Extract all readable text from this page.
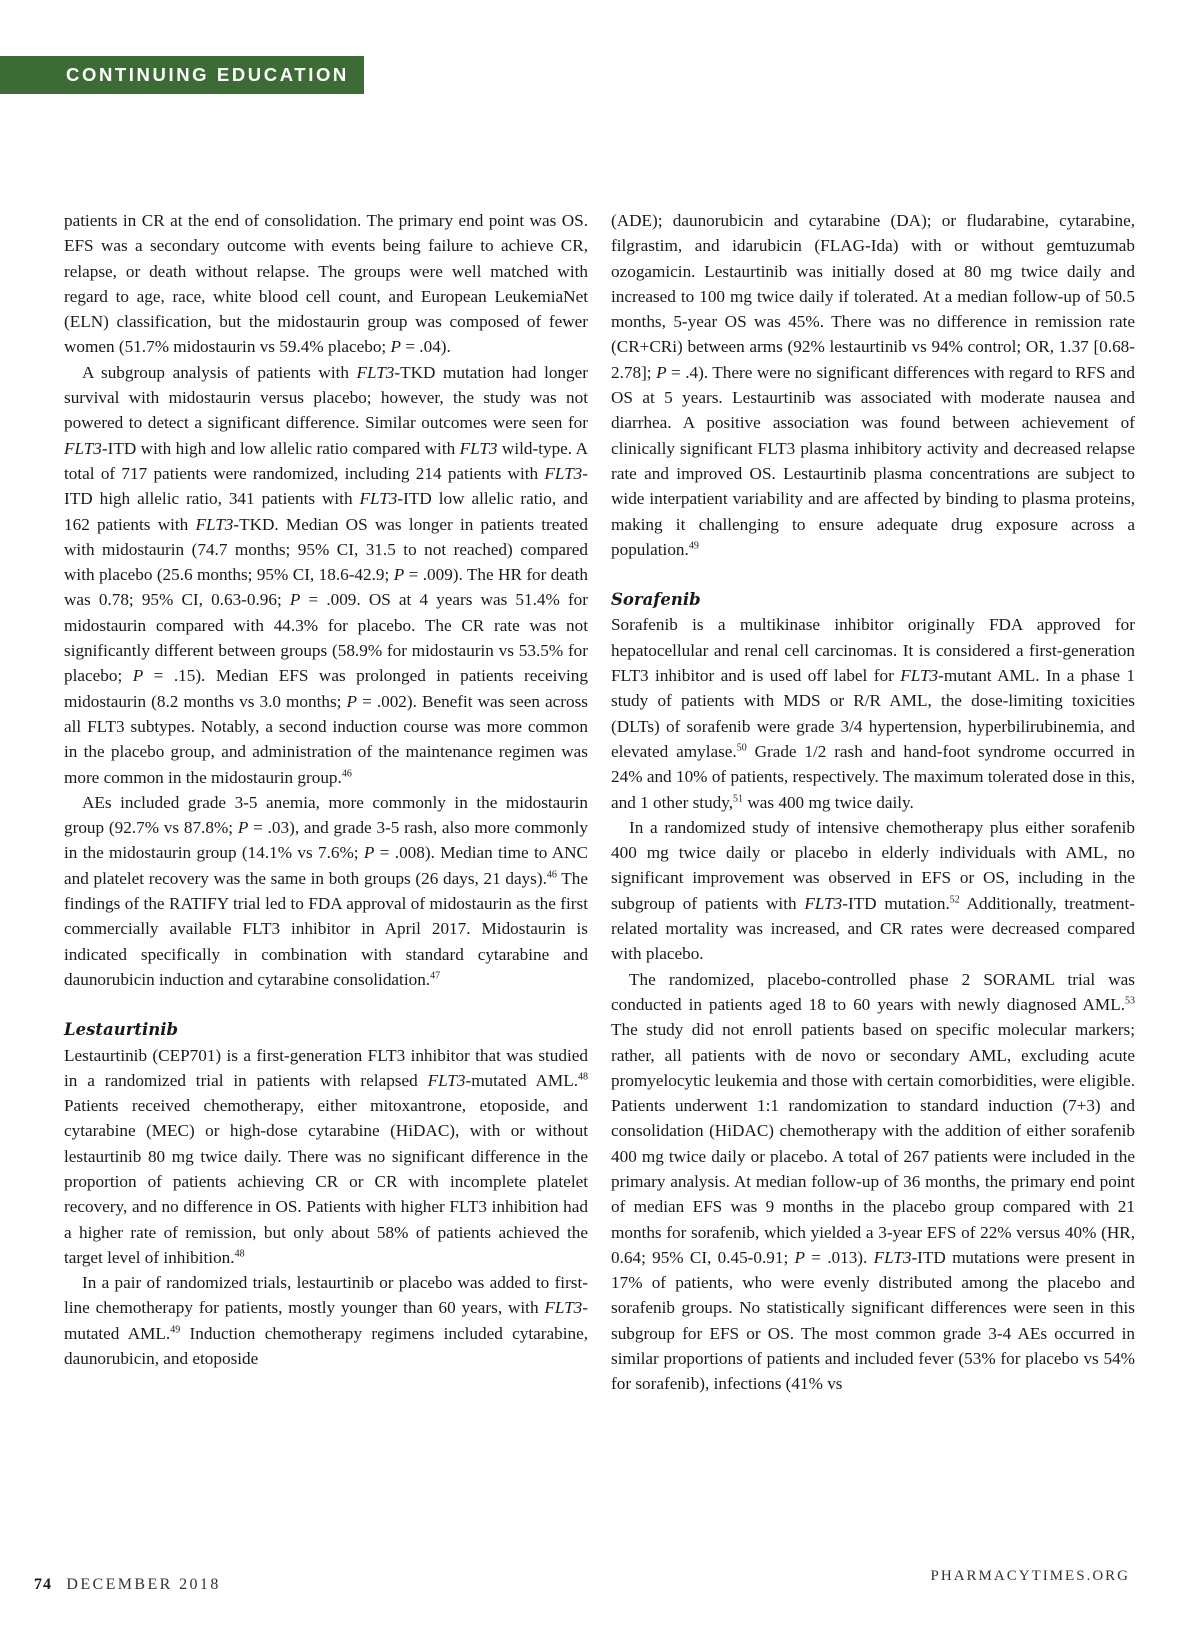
CONTINUING EDUCATION

patients in CR at the end of consolidation. The primary end point was OS. EFS was a secondary outcome with events being failure to achieve CR, relapse, or death without relapse. The groups were well matched with regard to age, race, white blood cell count, and European LeukemiaNet (ELN) classification, but the midostaurin group was composed of fewer women (51.7% midostaurin vs 59.4% placebo; P = .04).

A subgroup analysis of patients with FLT3-TKD mutation had longer survival with midostaurin versus placebo; however, the study was not powered to detect a significant difference. Similar outcomes were seen for FLT3-ITD with high and low allelic ratio compared with FLT3 wild-type. A total of 717 patients were randomized, including 214 patients with FLT3-ITD high allelic ratio, 341 patients with FLT3-ITD low allelic ratio, and 162 patients with FLT3-TKD. Median OS was longer in patients treated with midostaurin (74.7 months; 95% CI, 31.5 to not reached) compared with placebo (25.6 months; 95% CI, 18.6-42.9; P = .009). The HR for death was 0.78; 95% CI, 0.63-0.96; P = .009. OS at 4 years was 51.4% for midostaurin compared with 44.3% for placebo. The CR rate was not significantly different between groups (58.9% for midostaurin vs 53.5% for placebo; P = .15). Median EFS was prolonged in patients receiving midostaurin (8.2 months vs 3.0 months; P = .002). Benefit was seen across all FLT3 subtypes. Notably, a second induction course was more common in the placebo group, and administration of the maintenance regimen was more common in the midostaurin group.$^{46}$

AEs included grade 3-5 anemia, more commonly in the midostaurin group (92.7% vs 87.8%; P = .03), and grade 3-5 rash, also more commonly in the midostaurin group (14.1% vs 7.6%; P = .008). Median time to ANC and platelet recovery was the same in both groups (26 days, 21 days).$^{46}$ The findings of the RATIFY trial led to FDA approval of midostaurin as the first commercially available FLT3 inhibitor in April 2017. Midostaurin is indicated specifically in combination with standard cytarabine and daunorubicin induction and cytarabine consolidation.$^{47}$

Lestaurtinib

Lestaurtinib (CEP701) is a first-generation FLT3 inhibitor that was studied in a randomized trial in patients with relapsed FLT3-mutated AML.$^{48}$ Patients received chemotherapy, either mitoxantrone, etoposide, and cytarabine (MEC) or high-dose cytarabine (HiDAC), with or without lestaurtinib 80 mg twice daily. There was no significant difference in the proportion of patients achieving CR or CR with incomplete platelet recovery, and no difference in OS. Patients with higher FLT3 inhibition had a higher rate of remission, but only about 58% of patients achieved the target level of inhibition.$^{48}$

In a pair of randomized trials, lestaurtinib or placebo was added to first-line chemotherapy for patients, mostly younger than 60 years, with FLT3-mutated AML.$^{49}$ Induction chemotherapy regimens included cytarabine, daunorubicin, and etoposide

(ADE); daunorubicin and cytarabine (DA); or fludarabine, cytarabine, filgrastim, and idarubicin (FLAG-Ida) with or without gemtuzumab ozogamicin. Lestaurtinib was initially dosed at 80 mg twice daily and increased to 100 mg twice daily if tolerated. At a median follow-up of 50.5 months, 5-year OS was 45%. There was no difference in remission rate (CR+CRi) between arms (92% lestaurtinib vs 94% control; OR, 1.37 [0.68-2.78]; P = .4). There were no significant differences with regard to RFS and OS at 5 years. Lestaurtinib was associated with moderate nausea and diarrhea. A positive association was found between achievement of clinically significant FLT3 plasma inhibitory activity and decreased relapse rate and improved OS. Lestaurtinib plasma concentrations are subject to wide interpatient variability and are affected by binding to plasma proteins, making it challenging to ensure adequate drug exposure across a population.$^{49}$

Sorafenib

Sorafenib is a multikinase inhibitor originally FDA approved for hepatocellular and renal cell carcinomas. It is considered a first-generation FLT3 inhibitor and is used off label for FLT3-mutant AML. In a phase 1 study of patients with MDS or R/R AML, the dose-limiting toxicities (DLTs) of sorafenib were grade 3/4 hypertension, hyperbilirubinemia, and elevated amylase.$^{50}$ Grade 1/2 rash and hand-foot syndrome occurred in 24% and 10% of patients, respectively. The maximum tolerated dose in this, and 1 other study,$^{51}$ was 400 mg twice daily.

In a randomized study of intensive chemotherapy plus either sorafenib 400 mg twice daily or placebo in elderly individuals with AML, no significant improvement was observed in EFS or OS, including in the subgroup of patients with FLT3-ITD mutation.$^{52}$ Additionally, treatment-related mortality was increased, and CR rates were decreased compared with placebo.

The randomized, placebo-controlled phase 2 SORAML trial was conducted in patients aged 18 to 60 years with newly diagnosed AML.$^{53}$ The study did not enroll patients based on specific molecular markers; rather, all patients with de novo or secondary AML, excluding acute promyelocytic leukemia and those with certain comorbidities, were eligible. Patients underwent 1:1 randomization to standard induction (7+3) and consolidation (HiDAC) chemotherapy with the addition of either sorafenib 400 mg twice daily or placebo. A total of 267 patients were included in the primary analysis. At median follow-up of 36 months, the primary end point of median EFS was 9 months in the placebo group compared with 21 months for sorafenib, which yielded a 3-year EFS of 22% versus 40% (HR, 0.64; 95% CI, 0.45-0.91; P = .013). FLT3-ITD mutations were present in 17% of patients, who were evenly distributed among the placebo and sorafenib groups. No statistically significant differences were seen in this subgroup for EFS or OS. The most common grade 3-4 AEs occurred in similar proportions of patients and included fever (53% for placebo vs 54% for sorafenib), infections (41% vs

74 DECEMBER 2018	PHARMACYTIMES.ORG
